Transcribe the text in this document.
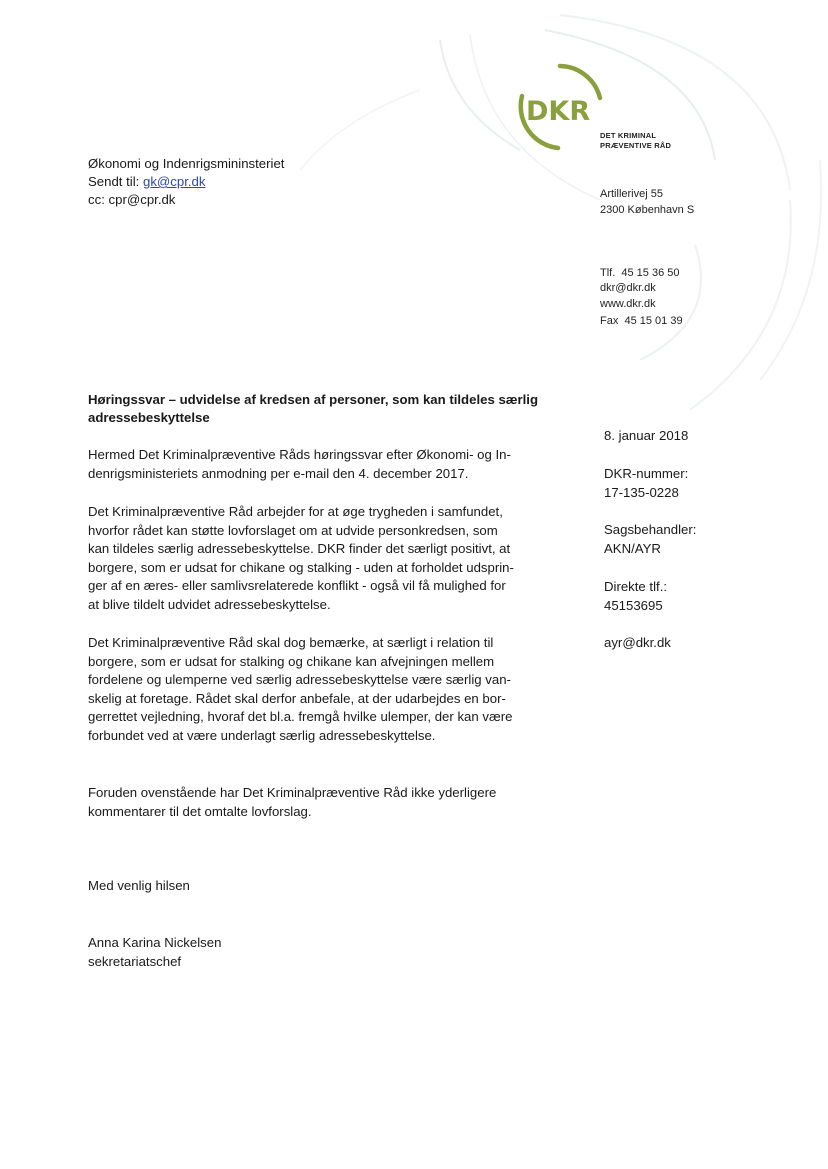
DKR
DET KRIMINAL
PRÆVENTIVE RÅD
Artillerivej 55
2300 København S

Tlf.  45 15 36 50

Fax  45 15 01 39

dkr@dkr.dk
www.dkr.dk
Økonomi og Indenrigsmininsteriet
Sendt til: gk@cpr.dk
cc: cpr@cpr.dk
Høringssvar – udvidelse af kredsen af personer, som kan tildeles særlig adressebeskyttelse
Hermed Det Kriminalpræventive Råds høringssvar efter Økonomi- og In-
denrigsministeriets anmodning per e-mail den 4. december 2017.
Det Kriminalpræventive Råd arbejder for at øge trygheden i samfundet,
hvorfor rådet kan støtte lovforslaget om at udvide personkredsen, som
kan tildeles særlig adressebeskyttelse. DKR finder det særligt positivt, at
borgere, som er udsat for chikane og stalking - uden at forholdet udsprin-
ger af en æres- eller samlivsrelaterede konflikt - også vil få mulighed for
at blive tildelt udvidet adressebeskyttelse.
Det Kriminalpræventive Råd skal dog bemærke, at særligt i relation til
borgere, som er udsat for stalking og chikane kan afvejningen mellem
fordelene og ulemperne ved særlig adressebeskyttelse være særlig van-
skelig at foretage. Rådet skal derfor anbefale, at der udarbejdes en bor-
gerrettet vejledning, hvoraf det bl.a. fremgå hvilke ulemper, der kan være
forbundet ved at være underlagt særlig adressebeskyttelse.
Foruden ovenstående har Det Kriminalpræventive Råd ikke yderligere
kommentarer til det omtalte lovforslag.
Med venlig hilsen
Anna Karina Nickelsen
sekretariatschef
8. januar 2018
DKR-nummer:
17-135-0228
Sagsbehandler:
AKN/AYR
Direkte tlf.:
45153695
ayr@dkr.dk
